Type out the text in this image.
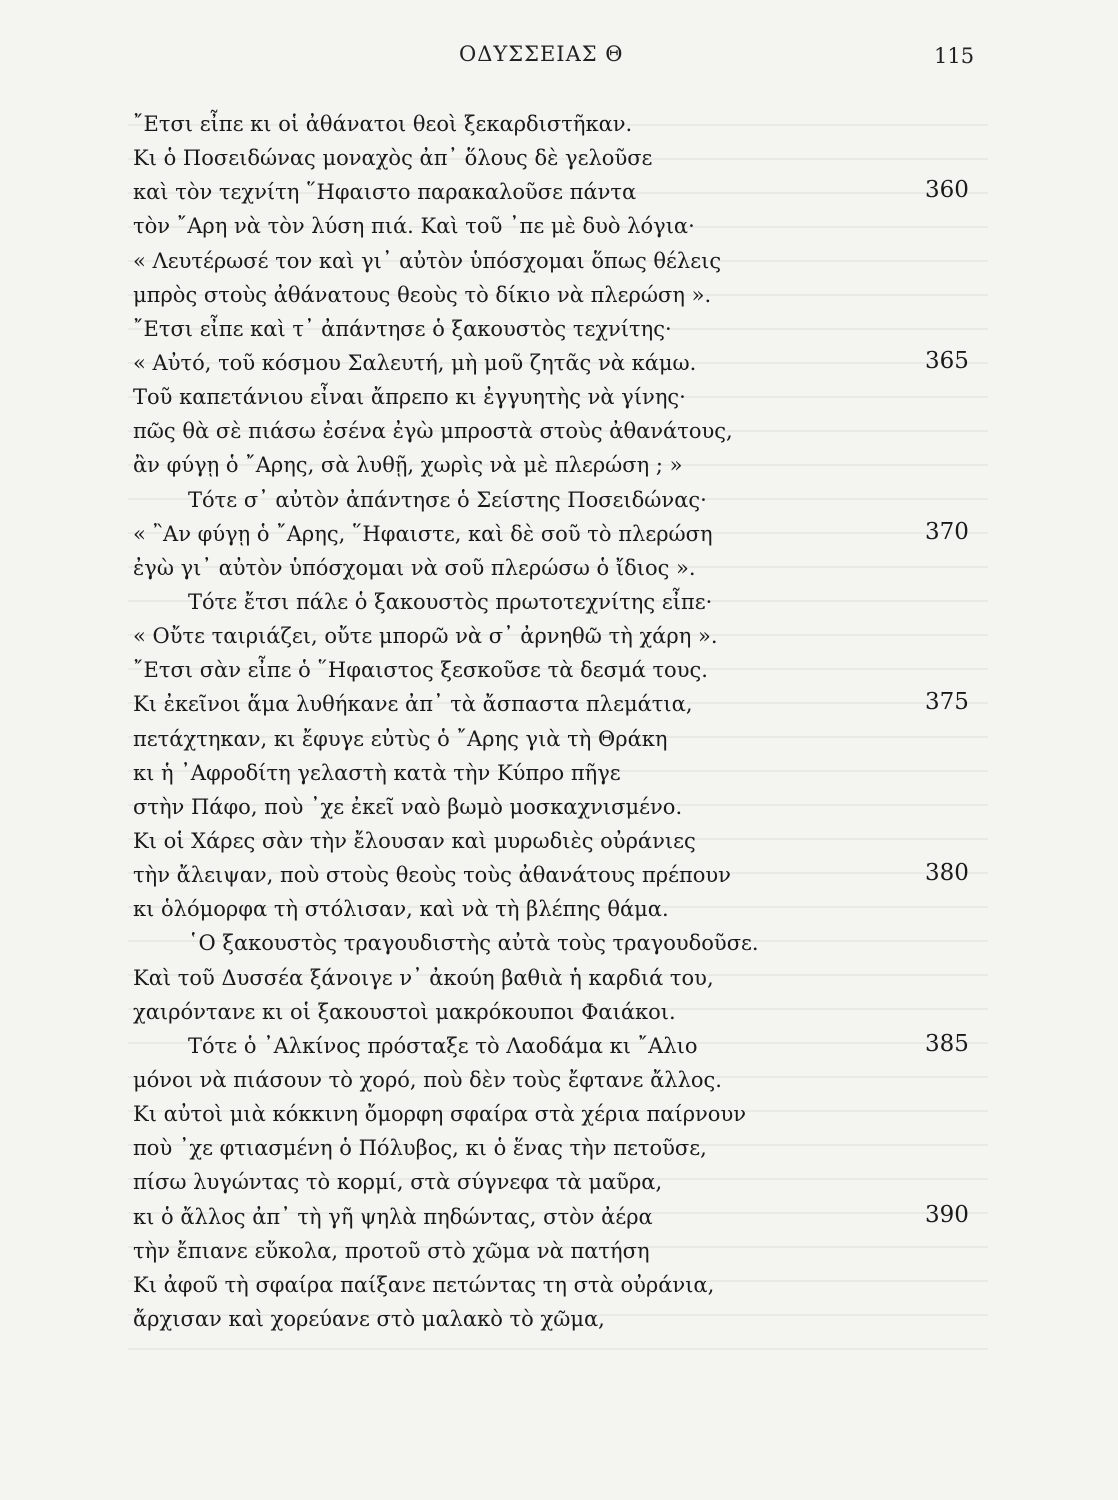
ΟΔΥΣΣΕΙΑΣ Θ	115
῎Ετσι εἶπε κι οἱ ἀθάνατοι θεοὶ ξεκαρδιστῆκαν.
Κι ὁ Ποσειδώνας μοναχὸς ἀπ᾽ ὅλους δὲ γελοῦσε
καὶ τὸν τεχνίτη ῞Ηφαιστο παρακαλοῦσε πάντα	360
τὸν ῎Αρη νὰ τὸν λύση πιά. Καὶ τοῦ ᾽πε μὲ δυὸ λόγια·
« Λευτέρωσέ τον καὶ γι᾽ αὐτὸν ὑπόσχομαι ὅπως θέλεις
μπρὸς στοὺς ἀθάνατους θεοὺς τὸ δίκιο νὰ πλερώση ».
῎Ετσι εἶπε καὶ τ᾽ ἀπάντησε ὁ ξακουστὸς τεχνίτης·
« Αὐτό, τοῦ κόσμου Σαλευτή, μὴ μοῦ ζητᾶς νὰ κάμω.	365
Τοῦ καπετάνιου εἶναι ἄπρεπο κι ἐγγυητὴς νὰ γίνης·
πῶς θὰ σὲ πιάσω ἐσένα ἐγὼ μπροστὰ στοὺς ἀθανάτους,
ἂν φύγῃ ὁ ῎Αρης, σὰ λυθῇ, χωρὶς νὰ μὲ πλερώση ; »
Τότε σ᾽ αὐτὸν ἀπάντησε ὁ Σείστης Ποσειδώνας·
« ῍Αν φύγῃ ὁ ῎Αρης, ῞Ηφαιστε, καὶ δὲ σοῦ τὸ πλερώση	370
ἐγὼ γι᾽ αὐτὸν ὑπόσχομαι νὰ σοῦ πλερώσω ὁ ἴδιος ».
Τότε ἔτσι πάλε ὁ ξακουστὸς πρωτοτεχνίτης εἶπε·
« Οὔτε ταιριάζει, οὔτε μπορῶ νὰ σ᾽ ἀρνηθῶ τὴ χάρη ».
῎Ετσι σὰν εἶπε ὁ ῞Ηφαιστος ξεσκοῦσε τὰ δεσμά τους.
Κι ἐκεῖνοι ἅμα λυθήκανε ἀπ᾽ τὰ ἄσπαστα πλεμάτια,	375
πετάχτηκαν, κι ἔφυγε εὐτὺς ὁ ῎Αρης γιὰ τὴ Θράκη
κι ἡ ᾽Αφροδίτη γελαστὴ κατὰ τὴν Κύπρο πῆγε
στὴν Πάφο, ποὺ ᾽χε ἐκεῖ ναὸ βωμὸ μοσκαχνισμένο.
Κι οἱ Χάρες σὰν τὴν ἔλουσαν καὶ μυρωδιὲς οὐράνιες
τὴν ἄλειψαν, ποὺ στοὺς θεοὺς τοὺς ἀθανάτους πρέπουν	380
κι ὁλόμορφα τὴ στόλισαν, καὶ νὰ τὴ βλέπης θάμα.
῾Ο ξακουστὸς τραγουδιστὴς αὐτὰ τοὺς τραγουδοῦσε.
Καὶ τοῦ Δυσσέα ξάνοιγε ν᾽ ἀκούη βαθιὰ ἡ καρδιά του,
χαιρόντανε κι οἱ ξακουστοὶ μακρόκουποι Φαιάκοι.
Τότε ὁ ᾽Αλκίνος πρόσταξε τὸ Λαοδάμα κι ῎Αλιο	385
μόνοι νὰ πιάσουν τὸ χορό, ποὺ δὲν τοὺς ἔφτανε ἄλλος.
Κι αὐτοὶ μιὰ κόκκινη ὄμορφη σφαίρα στὰ χέρια παίρνουν
ποὺ ᾽χε φτιασμένη ὁ Πόλυβος, κι ὁ ἕνας τὴν πετοῦσε,
πίσω λυγώντας τὸ κορμί, στὰ σύγνεφα τὰ μαῦρα,
κι ὁ ἄλλος ἀπ᾽ τὴ γῆ ψηλὰ πηδώντας, στὸν ἀέρα	390
τὴν ἔπιανε εὔκολα, προτοῦ στὸ χῶμα νὰ πατήση
Κι ἀφοῦ τὴ σφαίρα παίξανε πετώντας τη στὰ οὐράνια,
ἄρχισαν καὶ χορεύανε στὸ μαλακὸ τὸ χῶμα,
